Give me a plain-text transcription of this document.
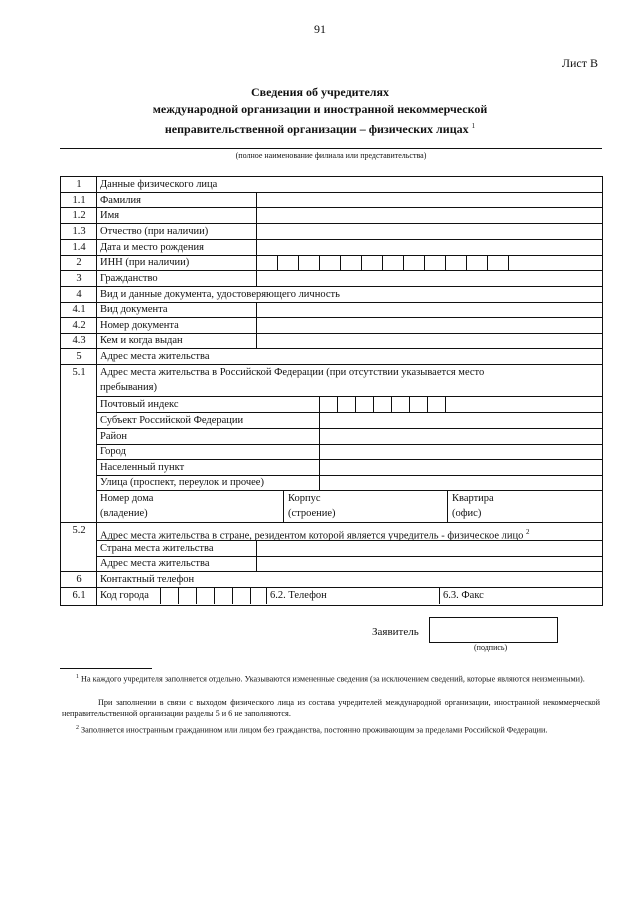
91
Лист В
Сведения об учредителях
международной организации и иностранной некоммерческой
неправительственной организации – физических лицах $^1$
(полное наименование филиала или представительства)
1
1.1
1.2
1.3
1.4
2
3
4
4.1
4.2
4.3
5
5.1
5.2
6
6.1
Данные физического лица
Фамилия
Имя
Отчество (при наличии)
Дата и место рождения
ИНН (при наличии)
Гражданство
Вид и данные документа, удостоверяющего личность
Вид документа
Номер документа
Кем и когда выдан
Адрес места жительства
Адрес места жительства в Российской Федерации (при отсутствии указывается место
пребывания)
Почтовый индекс
Субъект Российской Федерации
Район
Город
Населенный пункт
Улица (проспект, переулок и прочее)
Номер дома
(владение)
Корпус
(строение)
Квартира
(офис)
Адрес места жительства в стране, резидентом которой является учредитель - физическое лицо $^2$
Страна места жительства
Адрес места жительства
Контактный телефон
Код города	6.2. Телефон	6.3. Факс
Заявитель
(подпись)
$^1$ На каждого учредителя заполняется отдельно. Указываются измененные сведения (за исключением сведений, которые являются неизменными).
При заполнении в связи с выходом физического лица из состава учредителей международной организации, иностранной некоммерческой неправительственной организации разделы 5 и 6 не заполняются.
$^2$ Заполняется иностранным гражданином или лицом без гражданства, постоянно проживающим за пределами Российской Федерации.
